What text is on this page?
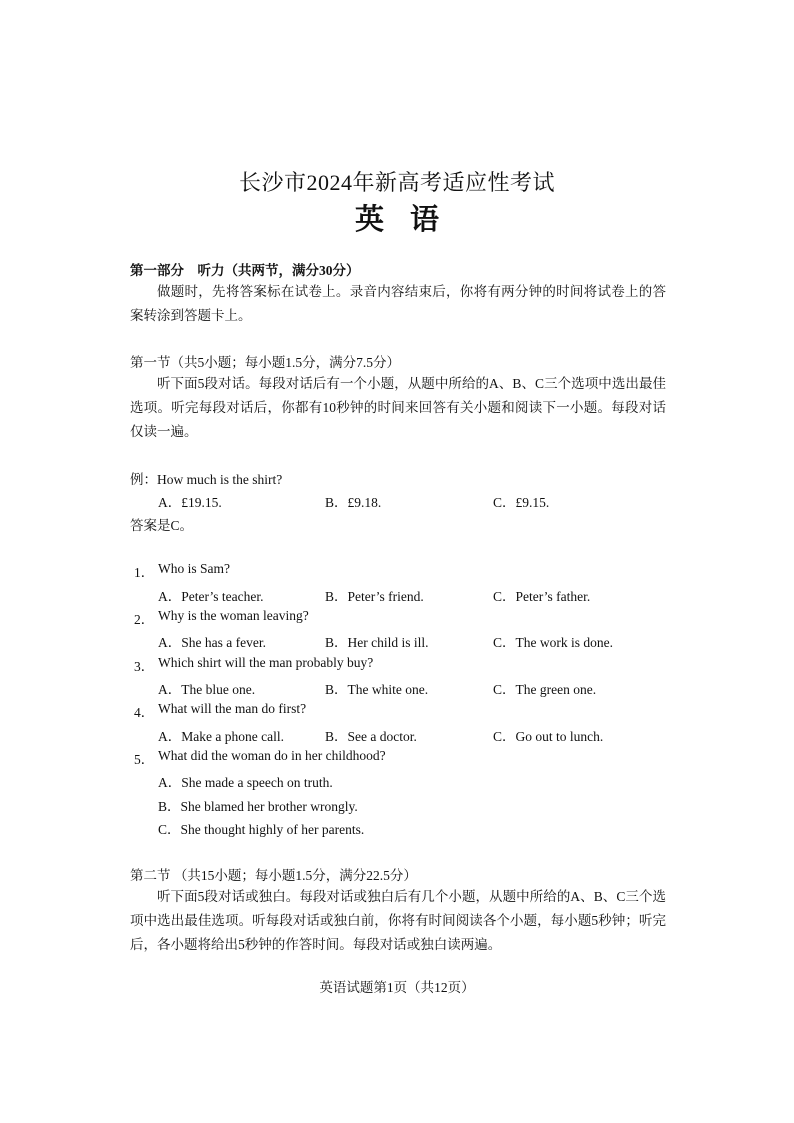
长沙市2024年新高考适应性考试
英语
第一部分　听力（共两节，满分30分）
做题时，先将答案标在试卷上。录音内容结束后，你将有两分钟的时间将试卷上的答案转涂到答题卡上。
第一节（共5小题；每小题1.5分，满分7.5分）
听下面5段对话。每段对话后有一个小题，从题中所给的A、B、C三个选项中选出最佳选项。听完每段对话后，你都有10秒钟的时间来回答有关小题和阅读下一小题。每段对话仅读一遍。
例：How much is the shirt?
A．£19.15.	B．£9.18.	C．£9.15.
答案是C。
1． Who is Sam?
A．Peter’s teacher.	B．Peter’s friend.	C．Peter’s father.
2． Why is the woman leaving?
A．She has a fever.	B．Her child is ill.	C．The work is done.
3． Which shirt will the man probably buy?
A．The blue one.	B．The white one.	C．The green one.
4． What will the man do first?
A．Make a phone call.	B．See a doctor.	C．Go out to lunch.
5． What did the woman do in her childhood?
A．She made a speech on truth.
B．She blamed her brother wrongly.
C．She thought highly of her parents.
第二节 （共15小题；每小题1.5分，满分22.5分）
听下面5段对话或独白。每段对话或独白后有几个小题，从题中所给的A、B、C三个选项中选出最佳选项。听每段对话或独白前，你将有时间阅读各个小题，每小题5秒钟；听完后，各小题将给出5秒钟的作答时间。每段对话或独白读两遍。
英语试题第1页（共12页）
